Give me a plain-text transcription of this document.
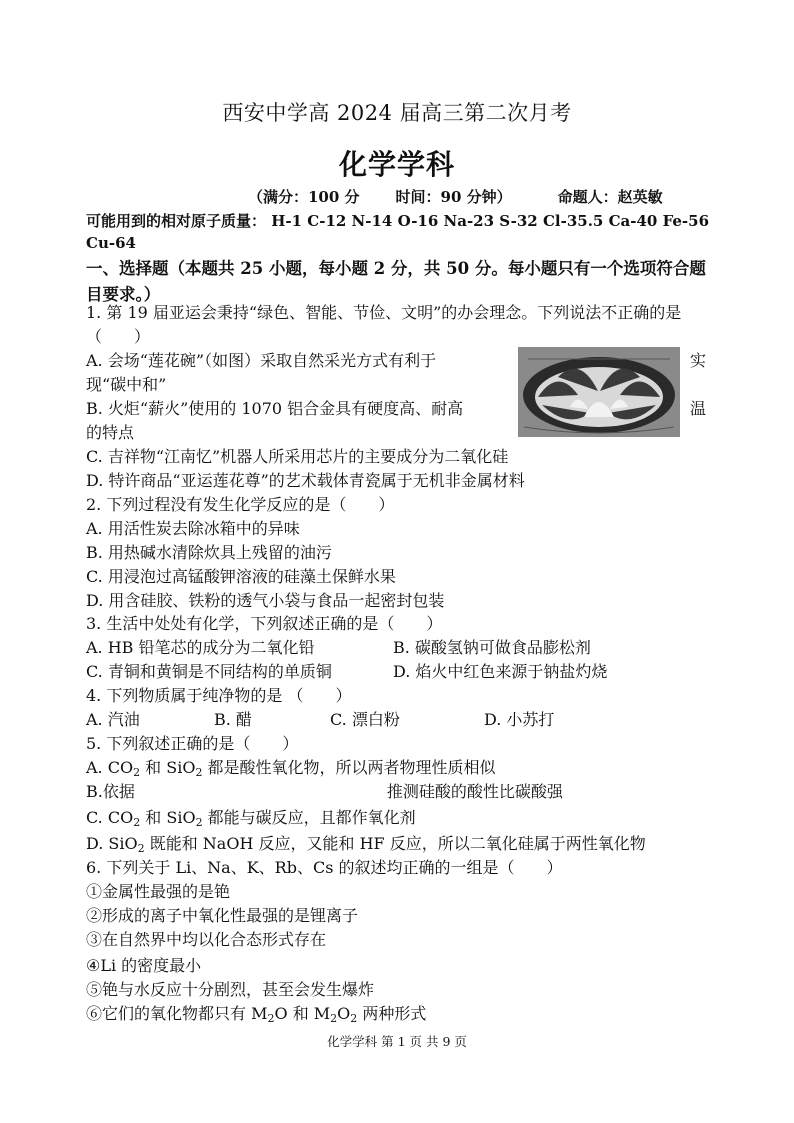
西安中学高 2024 届高三第二次月考
化学学科
（满分：100 分 时间：90 分钟）	命题人：赵英敏
可能用到的相对原子质量： H-1 C-12 N-14 O-16 Na-23 S-32 Cl-35.5 Ca-40 Fe-56 Cu-64
一、选择题（本题共 25 小题，每小题 2 分，共 50 分。每小题只有一个选项符合题目要求。）
1. 第 19 届亚运会秉持“绿色、智能、节俭、文明”的办会理念。下列说法不正确的是（　　）
A. 会场“莲花碗”（如图）采取自然采光方式有利于	实
现“碳中和”
B. 火炬“薪火”使用的 1070 铝合金具有硬度高、耐高	温
的特点
C. 吉祥物“江南忆”机器人所采用芯片的主要成分为二氧化硅
D. 特许商品“亚运莲花尊”的艺术载体青瓷属于无机非金属材料
2. 下列过程没有发生化学反应的是（　　）
A. 用活性炭去除冰箱中的异味
B. 用热碱水清除炊具上残留的油污
C. 用浸泡过高锰酸钾溶液的硅藻土保鲜水果
D. 用含硅胶、铁粉的透气小袋与食品一起密封包装
3. 生活中处处有化学，下列叙述正确的是（　　）
A. HB 铅笔芯的成分为二氧化铅	B. 碳酸氢钠可做食品膨松剂
C. 青铜和黄铜是不同结构的单质铜	D. 焰火中红色来源于钠盐灼烧
4. 下列物质属于纯净物的是 （　　）
A. 汽油	B. 醋	C. 漂白粉	D. 小苏打
5. 下列叙述正确的是（　　）
A. $CO_2$ 和 SiO$_2$ 都是酸性氧化物，所以两者物理性质相似
B.依据	推测硅酸的酸性比碳酸强
C. $CO_2$ 和 SiO$_2$ 都能与碳反应，且都作氧化剂
D. SiO$_2$ 既能和 NaOH 反应，又能和 HF 反应，所以二氧化硅属于两性氧化物
6. 下列关于 Li、Na、K、Rb、Cs 的叙述均正确的一组是（　　）
①金属性最强的是铯
②形成的离子中氧化性最强的是锂离子
③在自然界中均以化合态形式存在
④Li 的密度最小
⑤铯与水反应十分剧烈，甚至会发生爆炸
⑥它们的氧化物都只有 $M_2O$ 和 $M_2O_2$ 两种形式
化学学科 第 1 页 共 9 页
